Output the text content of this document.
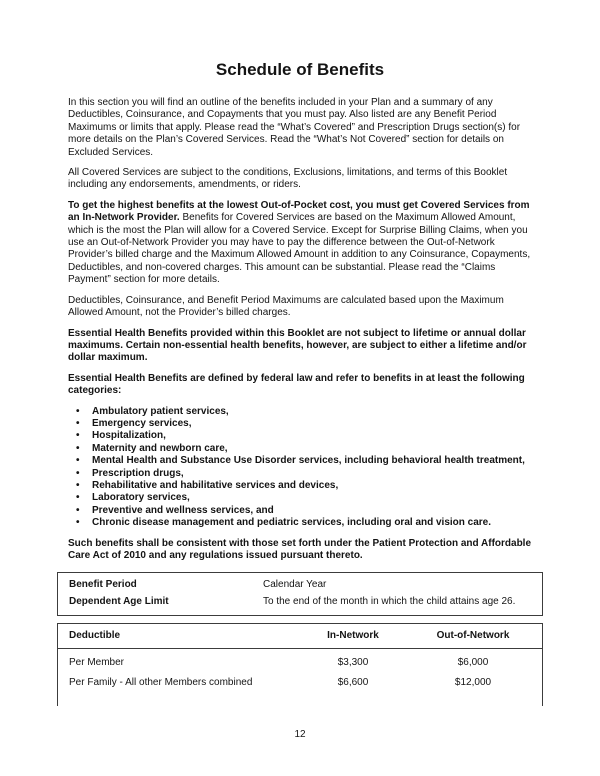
Schedule of Benefits

In this section you will find an outline of the benefits included in your Plan and a summary of any Deductibles, Coinsurance, and Copayments that you must pay. Also listed are any Benefit Period Maximums or limits that apply. Please read the “What’s Covered” and Prescription Drugs section(s) for more details on the Plan’s Covered Services. Read the “What’s Not Covered” section for details on Excluded Services.

All Covered Services are subject to the conditions, Exclusions, limitations, and terms of this Booklet including any endorsements, amendments, or riders.

To get the highest benefits at the lowest Out-of-Pocket cost, you must get Covered Services from an In-Network Provider. Benefits for Covered Services are based on the Maximum Allowed Amount, which is the most the Plan will allow for a Covered Service. Except for Surprise Billing Claims, when you use an Out-of-Network Provider you may have to pay the difference between the Out-of-Network Provider’s billed charge and the Maximum Allowed Amount in addition to any Coinsurance, Copayments, Deductibles, and non-covered charges. This amount can be substantial. Please read the “Claims Payment” section for more details.

Deductibles, Coinsurance, and Benefit Period Maximums are calculated based upon the Maximum Allowed Amount, not the Provider’s billed charges.

Essential Health Benefits provided within this Booklet are not subject to lifetime or annual dollar maximums. Certain non-essential health benefits, however, are subject to either a lifetime and/or dollar maximum.

Essential Health Benefits are defined by federal law and refer to benefits in at least the following categories:

• Ambulatory patient services,
• Emergency services,
• Hospitalization,
• Maternity and newborn care,
• Mental Health and Substance Use Disorder services, including behavioral health treatment,
• Prescription drugs,
• Rehabilitative and habilitative services and devices,
• Laboratory services,
• Preventive and wellness services, and
• Chronic disease management and pediatric services, including oral and vision care.

Such benefits shall be consistent with those set forth under the Patient Protection and Affordable Care Act of 2010 and any regulations issued pursuant thereto.

Benefit Period	Calendar Year
Dependent Age Limit	To the end of the month in which the child attains age 26.
Deductible	In-Network	Out-of-Network
Per Member	$3,300	$6,000
Per Family - All other Members combined	$6,600	$12,000
12
